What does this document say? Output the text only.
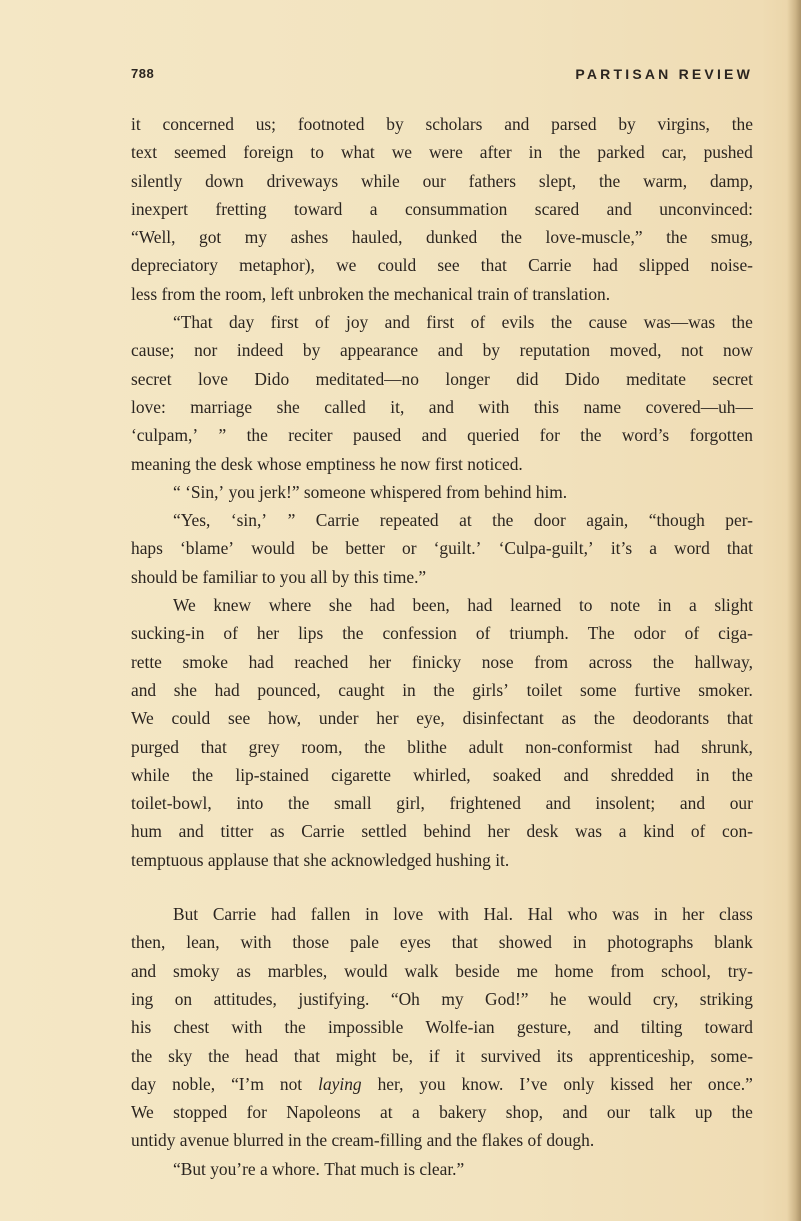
788	PARTISAN REVIEW
it concerned us; footnoted by scholars and parsed by virgins, the
text seemed foreign to what we were after in the parked car, pushed
silently down driveways while our fathers slept, the warm, damp,
inexpert fretting toward a consummation scared and unconvinced:
“Well, got my ashes hauled, dunked the love-muscle,” the smug,
depreciatory metaphor), we could see that Carrie had slipped noise-
less from the room, left unbroken the mechanical train of translation.
“That day first of joy and first of evils the cause was—was the
cause; nor indeed by appearance and by reputation moved, not now
secret love Dido meditated—no longer did Dido meditate secret
love: marriage she called it, and with this name covered—uh—
‘culpam,’ ” the reciter paused and queried for the word’s forgotten
meaning the desk whose emptiness he now first noticed.
“ ‘Sin,’ you jerk!” someone whispered from behind him.
“Yes, ‘sin,’ ” Carrie repeated at the door again, “though per-
haps ‘blame’ would be better or ‘guilt.’ ‘Culpa-guilt,’ it’s a word that
should be familiar to you all by this time.”
We knew where she had been, had learned to note in a slight
sucking-in of her lips the confession of triumph. The odor of ciga-
rette smoke had reached her finicky nose from across the hallway,
and she had pounced, caught in the girls’ toilet some furtive smoker.
We could see how, under her eye, disinfectant as the deodorants that
purged that grey room, the blithe adult non-conformist had shrunk,
while the lip-stained cigarette whirled, soaked and shredded in the
toilet-bowl, into the small girl, frightened and insolent; and our
hum and titter as Carrie settled behind her desk was a kind of con-
temptuous applause that she acknowledged hushing it.
But Carrie had fallen in love with Hal. Hal who was in her class
then, lean, with those pale eyes that showed in photographs blank
and smoky as marbles, would walk beside me home from school, try-
ing on attitudes, justifying. “Oh my God!” he would cry, striking
his chest with the impossible Wolfe-ian gesture, and tilting toward
the sky the head that might be, if it survived its apprenticeship, some-
day noble, “I’m not laying her, you know. I’ve only kissed her once.”
We stopped for Napoleons at a bakery shop, and our talk up the
untidy avenue blurred in the cream-filling and the flakes of dough.
“But you’re a whore. That much is clear.”
